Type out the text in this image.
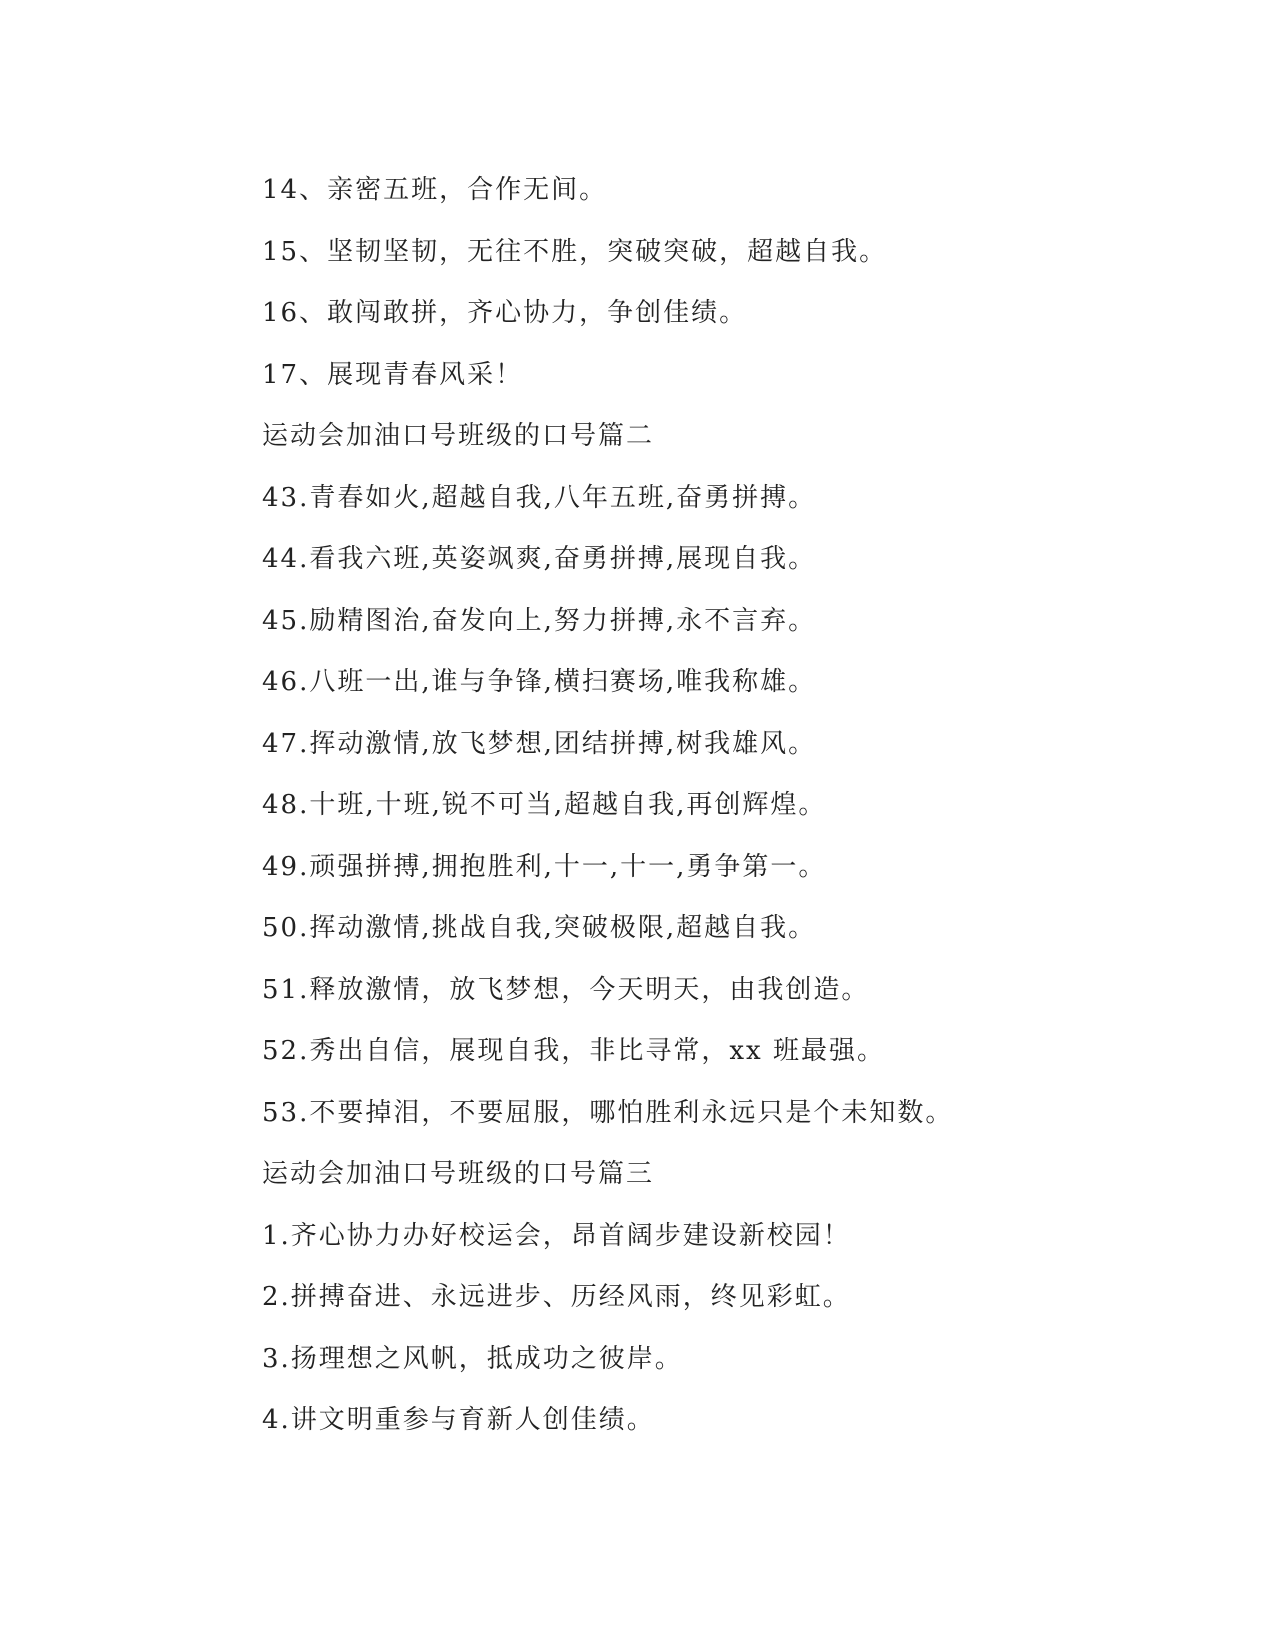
14、亲密五班，合作无间。
15、坚韧坚韧，无往不胜，突破突破，超越自我。
16、敢闯敢拼，齐心协力，争创佳绩。
17、展现青春风采！
运动会加油口号班级的口号篇二
43.青春如火,超越自我,八年五班,奋勇拼搏。
44.看我六班,英姿飒爽,奋勇拼搏,展现自我。
45.励精图治,奋发向上,努力拼搏,永不言弃。
46.八班一出,谁与争锋,横扫赛场,唯我称雄。
47.挥动激情,放飞梦想,团结拼搏,树我雄风。
48.十班,十班,锐不可当,超越自我,再创辉煌。
49.顽强拼搏,拥抱胜利,十一,十一,勇争第一。
50.挥动激情,挑战自我,突破极限,超越自我。
51.释放激情，放飞梦想，今天明天，由我创造。
52.秀出自信，展现自我，非比寻常，xx 班最强。
53.不要掉泪，不要屈服，哪怕胜利永远只是个未知数。
运动会加油口号班级的口号篇三
1.齐心协力办好校运会，昂首阔步建设新校园！
2.拼搏奋进、永远进步、历经风雨，终见彩虹。
3.扬理想之风帆，抵成功之彼岸。
4.讲文明重参与育新人创佳绩。
